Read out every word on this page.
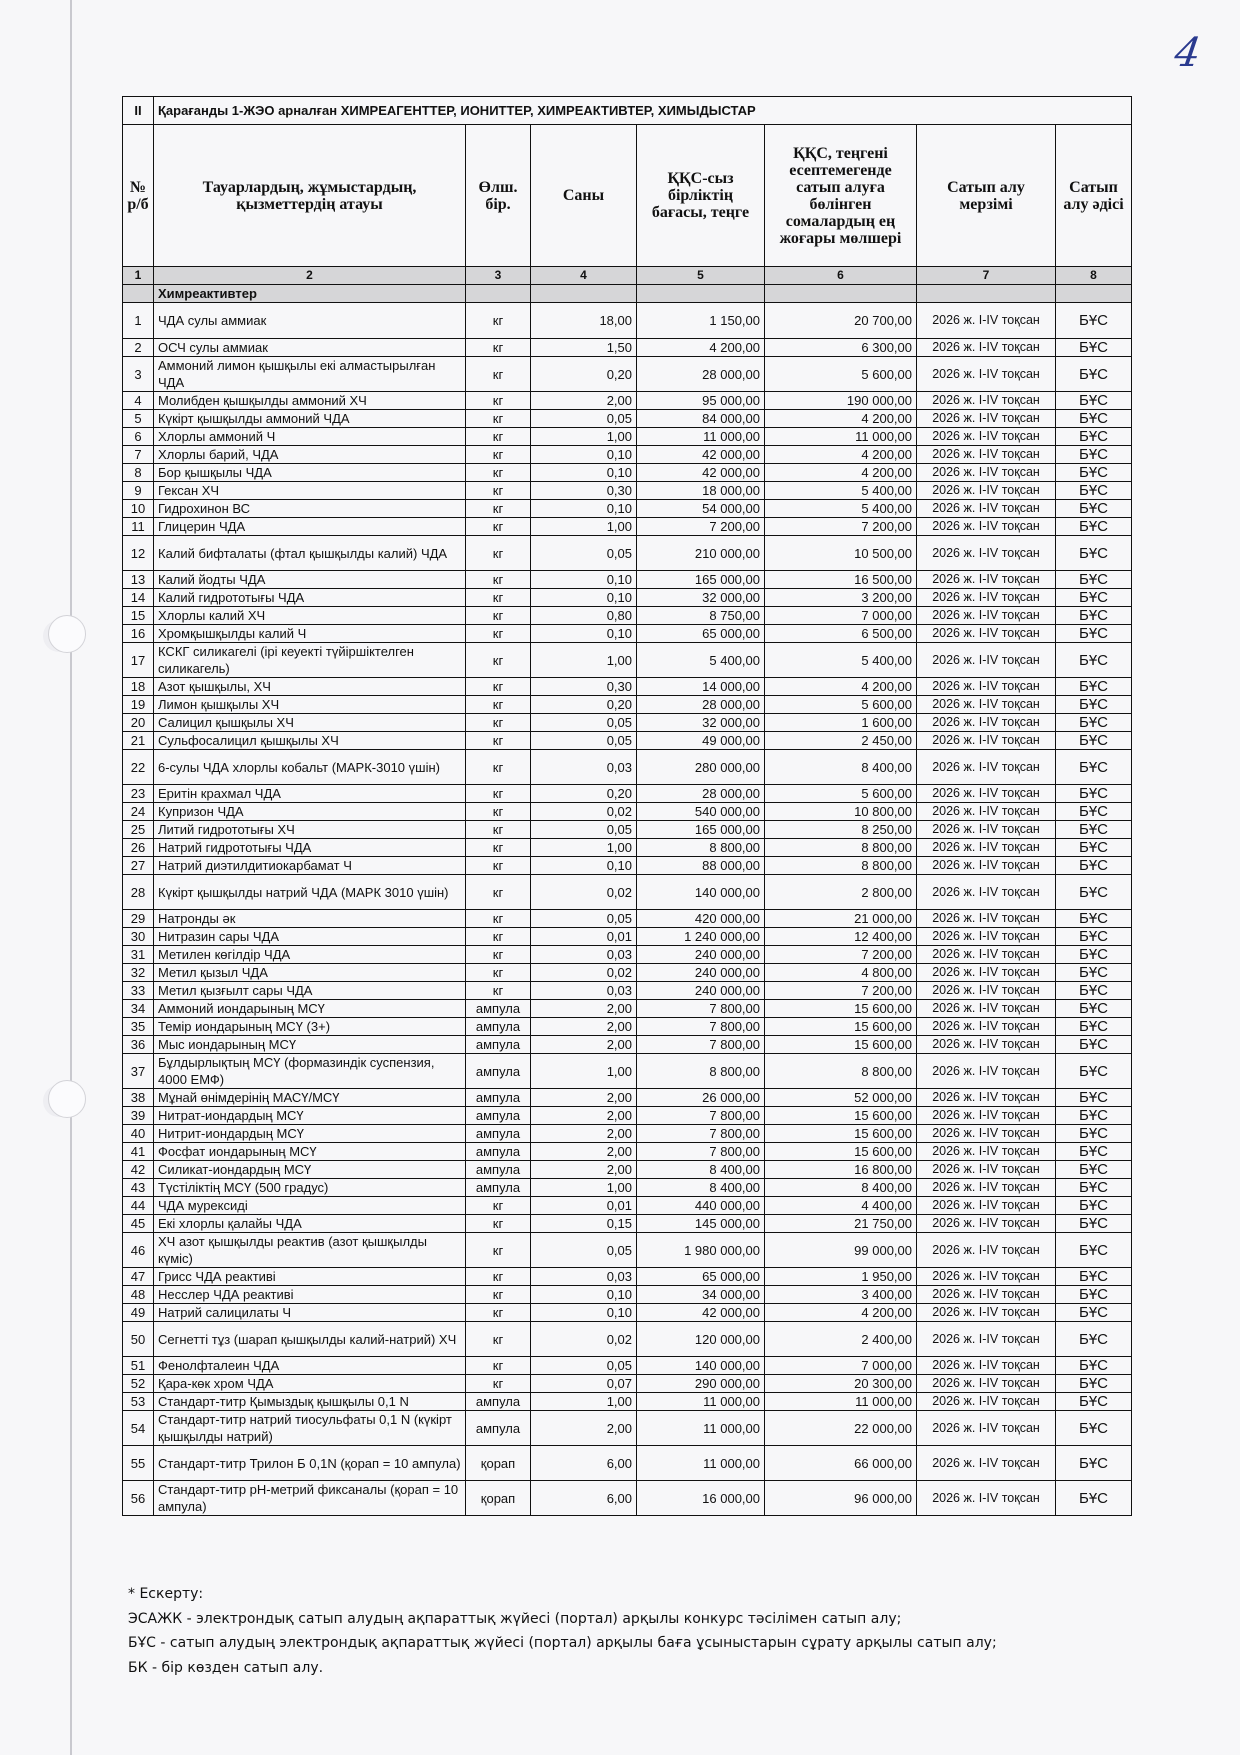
4
II	Қарағанды 1-ЖЭО арналған ХИМРЕАГЕНТТЕР, ИОНИТТЕР, ХИМРЕАКТИВТЕР, ХИМЫДЫСТАР						
№ р/б	Тауарлардың, жұмыстардың, қызметтердің атауы	Өлш. бір.	Саны	ҚҚС-сыз бірліктің бағасы, теңге	ҚҚС, теңгені есептемегенде сатып алуға бөлінген сомалардың ең жоғары мөлшері	Сатып алу мерзімі	Сатып алу әдісі
1	2	3	4	5	6	7	8
	Химреактивтер						
1	ЧДА сулы аммиак	кг	18,00	1 150,00	20 700,00	2026 ж. I-IV тоқсан	БҰС
2	ОСЧ сулы аммиак	кг	1,50	4 200,00	6 300,00	2026 ж. I-IV тоқсан	БҰС
3	Аммоний лимон қышқылы екі алмастырылған ЧДА	кг	0,20	28 000,00	5 600,00	2026 ж. I-IV тоқсан	БҰС
4	Молибден қышқылды аммоний ХЧ	кг	2,00	95 000,00	190 000,00	2026 ж. I-IV тоқсан	БҰС
5	Күкірт қышқылды аммоний ЧДА	кг	0,05	84 000,00	4 200,00	2026 ж. I-IV тоқсан	БҰС
6	Хлорлы аммоний Ч	кг	1,00	11 000,00	11 000,00	2026 ж. I-IV тоқсан	БҰС
7	Хлорлы барий, ЧДА	кг	0,10	42 000,00	4 200,00	2026 ж. I-IV тоқсан	БҰС
8	Бор қышқылы ЧДА	кг	0,10	42 000,00	4 200,00	2026 ж. I-IV тоқсан	БҰС
9	Гексан ХЧ	кг	0,30	18 000,00	5 400,00	2026 ж. I-IV тоқсан	БҰС
10	Гидрохинон ВС	кг	0,10	54 000,00	5 400,00	2026 ж. I-IV тоқсан	БҰС
11	Глицерин ЧДА	кг	1,00	7 200,00	7 200,00	2026 ж. I-IV тоқсан	БҰС
12	Калий бифталаты (фтал қышқылды калий) ЧДА	кг	0,05	210 000,00	10 500,00	2026 ж. I-IV тоқсан	БҰС
13	Калий йодты ЧДА	кг	0,10	165 000,00	16 500,00	2026 ж. I-IV тоқсан	БҰС
14	Калий гидрототығы ЧДА	кг	0,10	32 000,00	3 200,00	2026 ж. I-IV тоқсан	БҰС
15	Хлорлы калий ХЧ	кг	0,80	8 750,00	7 000,00	2026 ж. I-IV тоқсан	БҰС
16	Хромқышқылды калий Ч	кг	0,10	65 000,00	6 500,00	2026 ж. I-IV тоқсан	БҰС
17	КСКГ силикагелі (ірі кеуекті түйіршіктелген силикагель)	кг	1,00	5 400,00	5 400,00	2026 ж. I-IV тоқсан	БҰС
18	Азот қышқылы, ХЧ	кг	0,30	14 000,00	4 200,00	2026 ж. I-IV тоқсан	БҰС
19	Лимон қышқылы ХЧ	кг	0,20	28 000,00	5 600,00	2026 ж. I-IV тоқсан	БҰС
20	Салицил қышқылы ХЧ	кг	0,05	32 000,00	1 600,00	2026 ж. I-IV тоқсан	БҰС
21	Сульфосалицил қышқылы ХЧ	кг	0,05	49 000,00	2 450,00	2026 ж. I-IV тоқсан	БҰС
22	6-сулы ЧДА хлорлы кобальт (МАРК-3010 үшін)	кг	0,03	280 000,00	8 400,00	2026 ж. I-IV тоқсан	БҰС
23	Еритін крахмал ЧДА	кг	0,20	28 000,00	5 600,00	2026 ж. I-IV тоқсан	БҰС
24	Купризон ЧДА	кг	0,02	540 000,00	10 800,00	2026 ж. I-IV тоқсан	БҰС
25	Литий гидрототығы ХЧ	кг	0,05	165 000,00	8 250,00	2026 ж. I-IV тоқсан	БҰС
26	Натрий гидрототығы ЧДА	кг	1,00	8 800,00	8 800,00	2026 ж. I-IV тоқсан	БҰС
27	Натрий диэтилдитиокарбамат Ч	кг	0,10	88 000,00	8 800,00	2026 ж. I-IV тоқсан	БҰС
28	Күкірт қышқылды натрий ЧДА (МАРК 3010 үшін)	кг	0,02	140 000,00	2 800,00	2026 ж. I-IV тоқсан	БҰС
29	Натронды әк	кг	0,05	420 000,00	21 000,00	2026 ж. I-IV тоқсан	БҰС
30	Нитразин сары ЧДА	кг	0,01	1 240 000,00	12 400,00	2026 ж. I-IV тоқсан	БҰС
31	Метилен көгілдір ЧДА	кг	0,03	240 000,00	7 200,00	2026 ж. I-IV тоқсан	БҰС
32	Метил қызыл ЧДА	кг	0,02	240 000,00	4 800,00	2026 ж. I-IV тоқсан	БҰС
33	Метил қызғылт сары ЧДА	кг	0,03	240 000,00	7 200,00	2026 ж. I-IV тоқсан	БҰС
34	Аммоний иондарының МСҮ	ампула	2,00	7 800,00	15 600,00	2026 ж. I-IV тоқсан	БҰС
35	Темір иондарының МСҮ (3+)	ампула	2,00	7 800,00	15 600,00	2026 ж. I-IV тоқсан	БҰС
36	Мыс иондарының МСҮ	ампула	2,00	7 800,00	15 600,00	2026 ж. I-IV тоқсан	БҰС
37	Бұлдырлықтың МСҮ (формазиндік суспензия, 4000 ЕМФ)	ампула	1,00	8 800,00	8 800,00	2026 ж. I-IV тоқсан	БҰС
38	Мұнай өнімдерінің МАСҮ/МСҮ	ампула	2,00	26 000,00	52 000,00	2026 ж. I-IV тоқсан	БҰС
39	Нитрат-иондардың МСҮ	ампула	2,00	7 800,00	15 600,00	2026 ж. I-IV тоқсан	БҰС
40	Нитрит-иондардың МСҮ	ампула	2,00	7 800,00	15 600,00	2026 ж. I-IV тоқсан	БҰС
41	Фосфат иондарының МСҮ	ампула	2,00	7 800,00	15 600,00	2026 ж. I-IV тоқсан	БҰС
42	Силикат-иондардың МСҮ	ампула	2,00	8 400,00	16 800,00	2026 ж. I-IV тоқсан	БҰС
43	Түстіліктің МСҮ (500 градус)	ампула	1,00	8 400,00	8 400,00	2026 ж. I-IV тоқсан	БҰС
44	ЧДА мурексиді	кг	0,01	440 000,00	4 400,00	2026 ж. I-IV тоқсан	БҰС
45	Екі хлорлы қалайы ЧДА	кг	0,15	145 000,00	21 750,00	2026 ж. I-IV тоқсан	БҰС
46	ХЧ азот қышқылды реактив (азот қышқылды күміс)	кг	0,05	1 980 000,00	99 000,00	2026 ж. I-IV тоқсан	БҰС
47	Грисс ЧДА реактиві	кг	0,03	65 000,00	1 950,00	2026 ж. I-IV тоқсан	БҰС
48	Несслер ЧДА реактиві	кг	0,10	34 000,00	3 400,00	2026 ж. I-IV тоқсан	БҰС
49	Натрий салицилаты Ч	кг	0,10	42 000,00	4 200,00	2026 ж. I-IV тоқсан	БҰС
50	Сегнетті тұз (шарап қышқылды калий-натрий) ХЧ	кг	0,02	120 000,00	2 400,00	2026 ж. I-IV тоқсан	БҰС
51	Фенолфталеин ЧДА	кг	0,05	140 000,00	7 000,00	2026 ж. I-IV тоқсан	БҰС
52	Қара-көк хром ЧДА	кг	0,07	290 000,00	20 300,00	2026 ж. I-IV тоқсан	БҰС
53	Стандарт-титр Қымыздық қышқылы 0,1 N	ампула	1,00	11 000,00	11 000,00	2026 ж. I-IV тоқсан	БҰС
54	Стандарт-титр натрий тиосульфаты 0,1 N (күкірт қышқылды натрий)	ампула	2,00	11 000,00	22 000,00	2026 ж. I-IV тоқсан	БҰС
55	Стандарт-титр Трилон Б 0,1N (қорап = 10 ампула)	қорап	6,00	11 000,00	66 000,00	2026 ж. I-IV тоқсан	БҰС
56	Стандарт-титр pH-метрий фиксаналы (қорап = 10 ампула)	қорап	6,00	16 000,00	96 000,00	2026 ж. I-IV тоқсан	БҰС
* Ескерту:
ЭСАЖК - электрондық сатып алудың ақпараттық жүйесі (портал) арқылы конкурс тәсілімен сатып алу;
БҰС - сатып алудың электрондық ақпараттық жүйесі (портал) арқылы баға ұсыныстарын сұрату арқылы сатып алу;
БК - бір көзден сатып алу.
